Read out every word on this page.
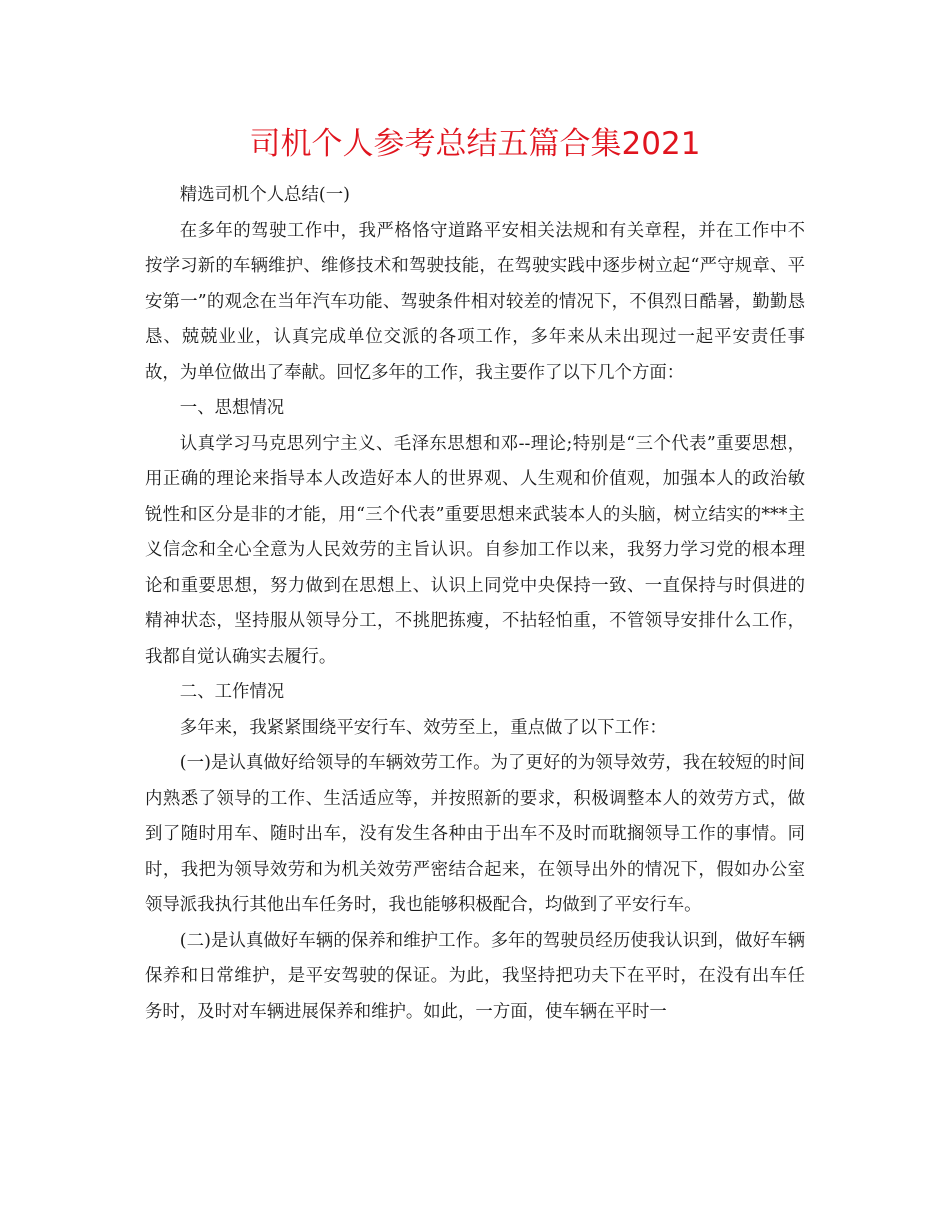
司机个人参考总结五篇合集2021

精选司机个人总结(一)

在多年的驾驶工作中，我严格恪守道路平安相关法规和有关章程，并在工作中不按学习新的车辆维护、维修技术和驾驶技能，在驾驶实践中逐步树立起“严守规章、平安第一”的观念在当年汽车功能、驾驶条件相对较差的情况下，不俱烈日酷暑，勤勤恳恳、兢兢业业，认真完成单位交派的各项工作，多年来从未出现过一起平安责任事故，为单位做出了奉献。回忆多年的工作，我主要作了以下几个方面：

一、思想情况

认真学习马克思列宁主义、毛泽东思想和邓--理论;特别是“三个代表”重要思想，用正确的理论来指导本人改造好本人的世界观、人生观和价值观，加强本人的政治敏锐性和区分是非的才能，用“三个代表”重要思想来武装本人的头脑，树立结实的***主义信念和全心全意为人民效劳的主旨认识。自参加工作以来，我努力学习党的根本理论和重要思想，努力做到在思想上、认识上同党中央保持一致、一直保持与时俱进的精神状态，坚持服从领导分工，不挑肥拣瘦，不拈轻怕重，不管领导安排什么工作，我都自觉认确实去履行。

二、工作情况

多年来，我紧紧围绕平安行车、效劳至上，重点做了以下工作：

(一)是认真做好给领导的车辆效劳工作。为了更好的为领导效劳，我在较短的时间内熟悉了领导的工作、生活适应等，并按照新的要求，积极调整本人的效劳方式，做到了随时用车、随时出车，没有发生各种由于出车不及时而耽搁领导工作的事情。同时，我把为领导效劳和为机关效劳严密结合起来，在领导出外的情况下，假如办公室领导派我执行其他出车任务时，我也能够积极配合，均做到了平安行车。

(二)是认真做好车辆的保养和维护工作。多年的驾驶员经历使我认识到，做好车辆保养和日常维护，是平安驾驶的保证。为此，我坚持把功夫下在平时，在没有出车任务时，及时对车辆进展保养和维护。如此，一方面，使车辆在平时一
